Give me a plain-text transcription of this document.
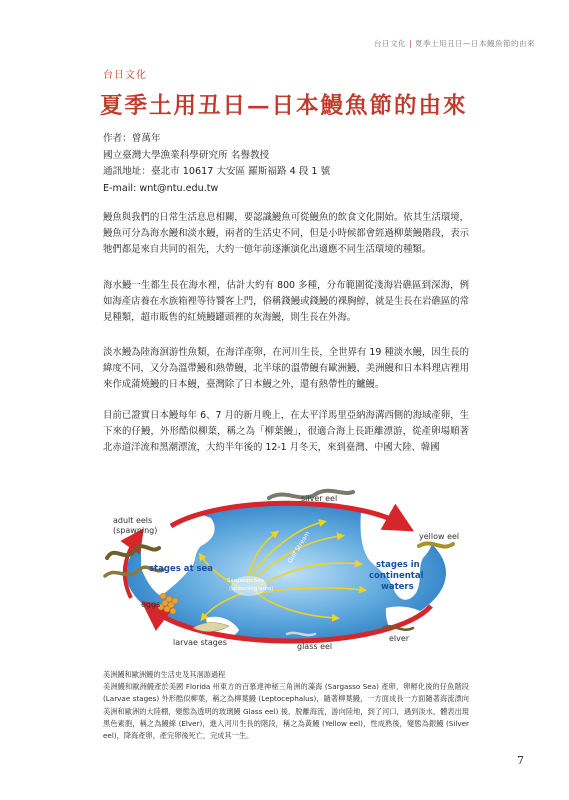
台日文化 | 夏季土用丑日—日本鰻魚節的由來
台日文化
夏季土用丑日—日本鰻魚節的由來
作者：曾萬年
國立臺灣大學漁業科學研究所 名譽教授
通訊地址：臺北市 10617 大安區 羅斯福路 4 段 1 號
E-mail: wnt@ntu.edu.tw

鰻魚與我們的日常生活息息相關，要認識鰻魚可從鰻魚的飲食文化開始。依其生活環境，鰻魚可分為海水鰻和淡水鰻，兩者的生活史不同，但是小時候都會經過柳葉鰻階段，表示牠們都是來自共同的祖先，大約一億年前逐漸演化出適應不同生活環境的種類。

海水鰻一生都生長在海水裡，估計大約有 800 多種，分布範圍從淺海岩礁區到深海，例如海產店養在水族箱裡等待饕客上門，俗稱錢鰻或錢鰻的裸胸鯙，就是生長在岩礁區的常見種類，超市販售的紅燒鰻罐頭裡的灰海鰻，則生長在外海。

淡水鰻為陸海洄游性魚類，在海洋產卵，在河川生長，全世界有 19 種淡水鰻，因生長的緯度不同，又分為溫帶鰻和熱帶鰻，北半球的溫帶鰻有歐洲鰻、美洲鰻和日本料理店裡用來作成蒲燒鰻的日本鰻，臺灣除了日本鰻之外，還有熱帶性的鱸鰻。

目前已證實日本鰻每年 6、7 月的新月晚上，在太平洋馬里亞納海溝西側的海域產卵，生下來的仔鰻，外形酷似柳葉，稱之為「柳葉鰻」，很適合海上長距離漂游，從產卵場順著北赤道洋流和黑潮漂流，大約半年後的 12-1 月冬天，來到臺灣、中國大陸、韓國

adult eels
(spawning)
silver eel
yellow eel
stages at sea	stages in
continental
waters
eggs
larvae stages	glass eel
elver
Sargasso Sea
(spawning area)
Gulf Stream
美洲鰻和歐洲鰻的生活史及其洄游過程
美洲鰻和歐洲鰻產於美國 Florida 州東方的百慕達神秘三角洲的藻海 (Sargasso Sea) 產卵，卵孵化後的仔魚階段 (Larvae stages) 外形酷似柳葉，稱之為柳葉鰻 (Leptocephalus)，隨著柳葉鰻，一方面成長一方面隨著海流漂向美洲和歐洲的大陸棚，變態為透明的玻璃鰻 Glass eel) 後，脫離海流，游向陸地，到了河口，遇到淡水，體表出現黑色素胞，稱之為鰻線 (Elver)，進入河川生長的階段，稱之為黃鰻 (Yellow eel)，性成熟後，變態為銀鰻 (Silver eel)，降海產卵，產完卵後死亡，完成其一生。
7
